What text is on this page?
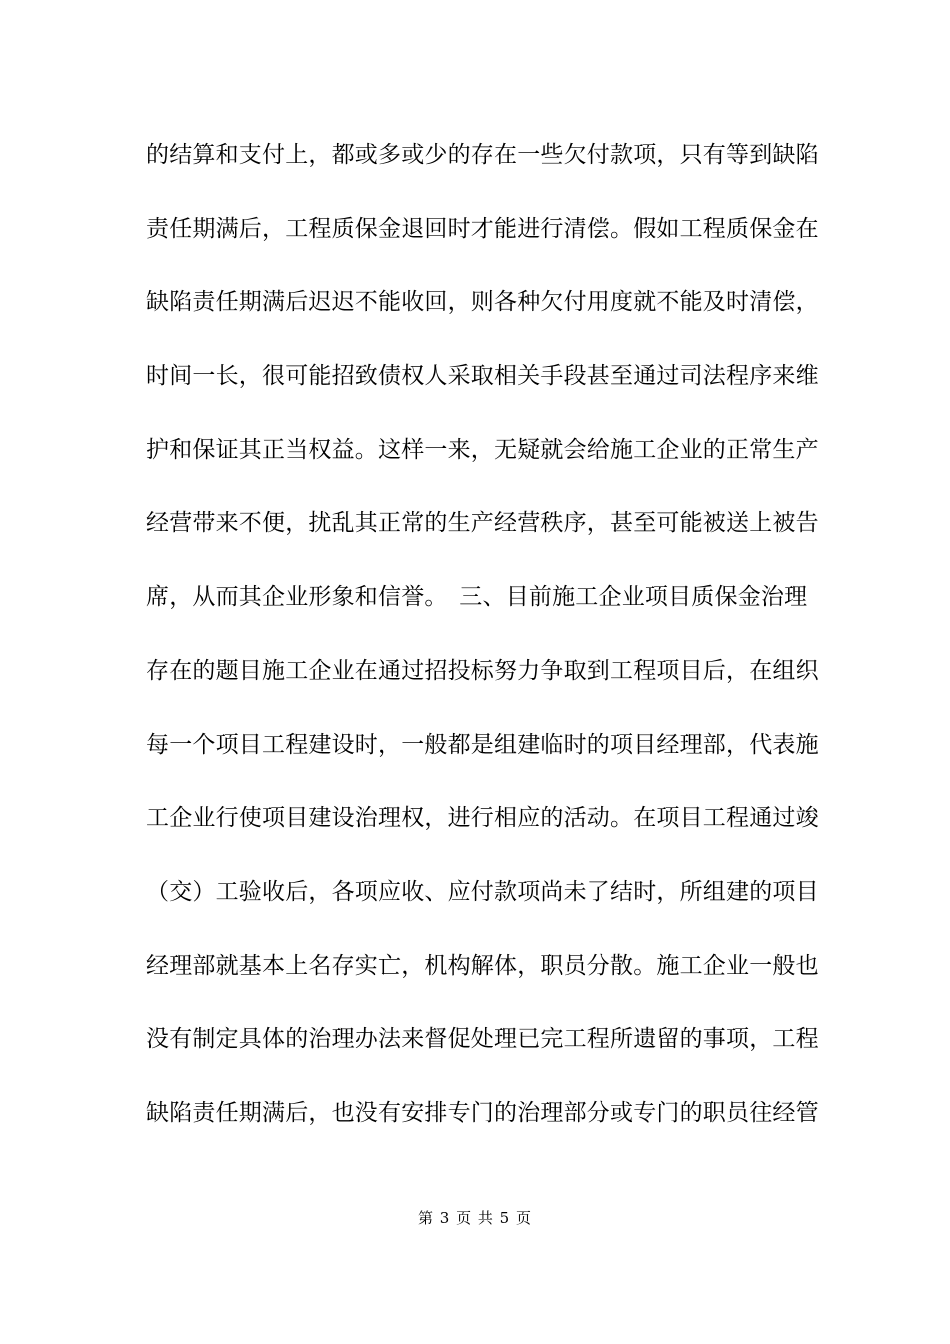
的结算和支付上，都或多或少的存在一些欠付款项，只有等到缺陷
责任期满后，工程质保金退回时才能进行清偿。假如工程质保金在
缺陷责任期满后迟迟不能收回，则各种欠付用度就不能及时清偿，
时间一长，很可能招致债权人采取相关手段甚至通过司法程序来维
护和保证其正当权益。这样一来，无疑就会给施工企业的正常生产
经营带来不便，扰乱其正常的生产经营秩序，甚至可能被送上被告
席，从而其企业形象和信誉。　三、目前施工企业项目质保金治理
存在的题目施工企业在通过招投标努力争取到工程项目后，在组织
每一个项目工程建设时，一般都是组建临时的项目经理部，代表施
工企业行使项目建设治理权，进行相应的活动。在项目工程通过竣
（交）工验收后，各项应收、应付款项尚未了结时，所组建的项目
经理部就基本上名存实亡，机构解体，职员分散。施工企业一般也
没有制定具体的治理办法来督促处理已完工程所遗留的事项，工程
缺陷责任期满后，也没有安排专门的治理部分或专门的职员往经管
第 3 页 共 5 页
